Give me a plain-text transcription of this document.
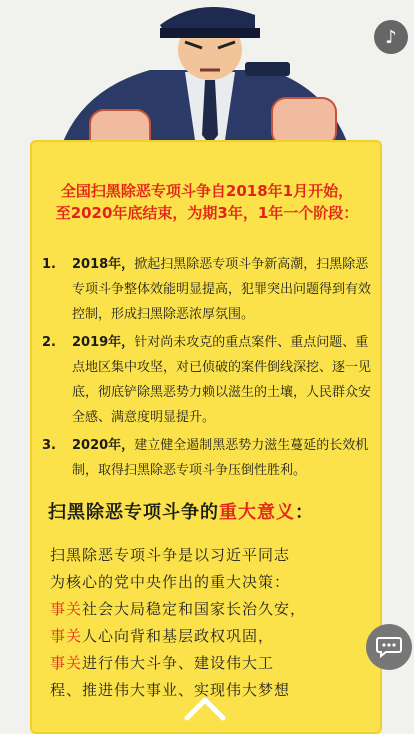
♪
全国扫黑除恶专项斗争自2018年1月开始，
至2020年底结束，为期3年，1年一个阶段：
1. 2018年，掀起扫黑除恶专项斗争新高潮，扫黑除恶专项斗争整体效能明显提高，犯罪突出问题得到有效控制，形成扫黑除恶浓厚氛围。
2. 2019年，针对尚未攻克的重点案件、重点问题、重点地区集中攻坚，对已侦破的案件倒线深挖、逐一见底，彻底铲除黑恶势力赖以滋生的土壤，人民群众安全感、满意度明显提升。
3. 2020年，建立健全遏制黑恶势力滋生蔓延的长效机制，取得扫黑除恶专项斗争压倒性胜利。
扫黑除恶专项斗争的重大意义：
扫黑除恶专项斗争是以习近平同志
为核心的党中央作出的重大决策：
事关社会大局稳定和国家长治久安，
事关人心向背和基层政权巩固，
事关进行伟大斗争、建设伟大工
程、推进伟大事业、实现伟大梦想
